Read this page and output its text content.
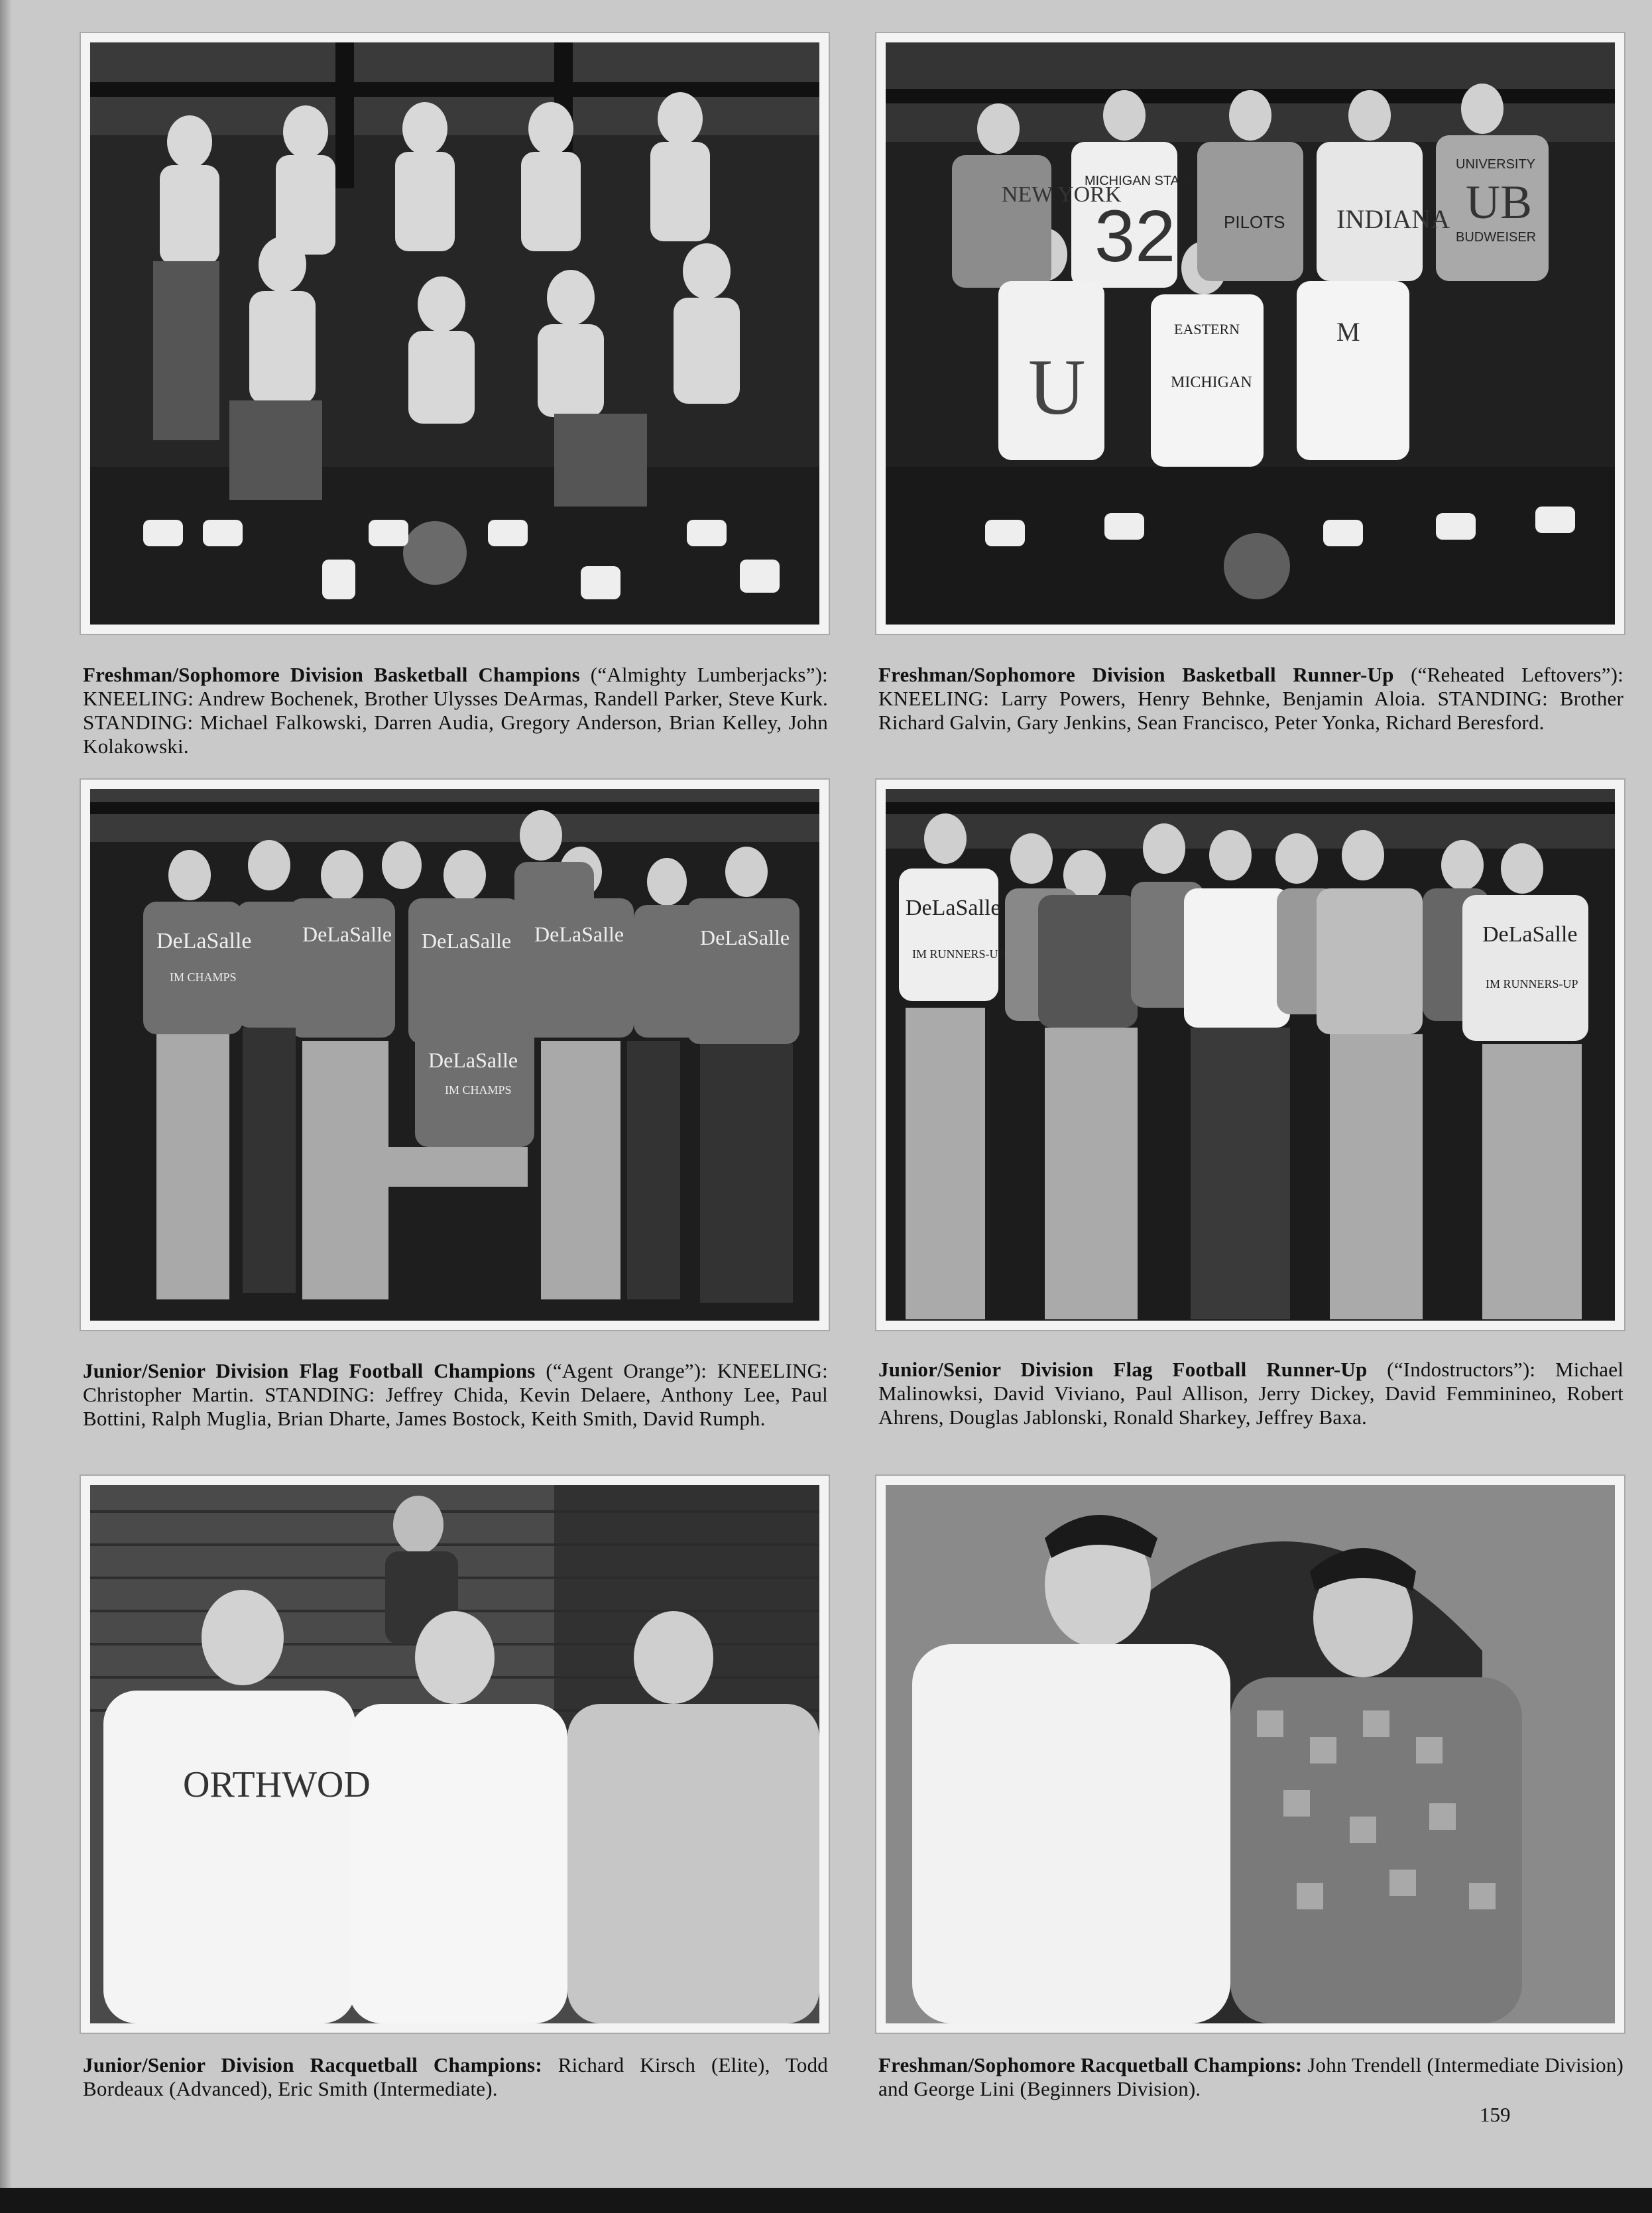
Freshman/Sophomore Division Basketball Champions (“Almighty Lumberjacks”): KNEELING: Andrew Bochenek, Brother Ulysses DeArmas, Randell Parker, Steve Kurk. STANDING: Michael Falkowski, Darren Audia, Gregory Anderson, Brian Kelley, John Kolakowski.
NEW YORK
MICHIGAN STATE
32	PILOTS INDIANA
UNIVERSITY
UB
BUDWEISER
U
EASTERN
MICHIGAN
M
Freshman/Sophomore Division Basketball Runner-Up (“Reheated Leftovers”): KNEELING: Larry Powers, Henry Behnke, Benjamin Aloia. STANDING: Brother Richard Galvin, Gary Jenkins, Sean Francisco, Peter Yonka, Richard Beresford.
DeLaSalle
IM CHAMPS
DeLaSalle DeLaSalle DeLaSalle	DeLaSalle
DeLaSalle
IM CHAMPS
Junior/Senior Division Flag Football Champions (“Agent Orange”): KNEELING: Christopher Martin. STANDING: Jeffrey Chida, Kevin Delaere, Anthony Lee, Paul Bottini, Ralph Muglia, Brian Dharte, James Bostock, Keith Smith, David Rumph.
DeLaSalle
IM RUNNERS-UP
DeLaSalle
IM RUNNERS-UP
Junior/Senior Division Flag Football Runner-Up (“Indostructors”): Michael Malinowksi, David Viviano, Paul Allison, Jerry Dickey, David Femminineo, Robert Ahrens, Douglas Jablonski, Ronald Sharkey, Jeffrey Baxa.
ORTHWOD
Junior/Senior Division Racquetball Champions: Richard Kirsch (Elite), Todd Bordeaux (Advanced), Eric Smith (Intermediate).
Freshman/Sophomore Racquetball Champions: John Trendell (Intermediate Division) and George Lini (Beginners Division).
159
